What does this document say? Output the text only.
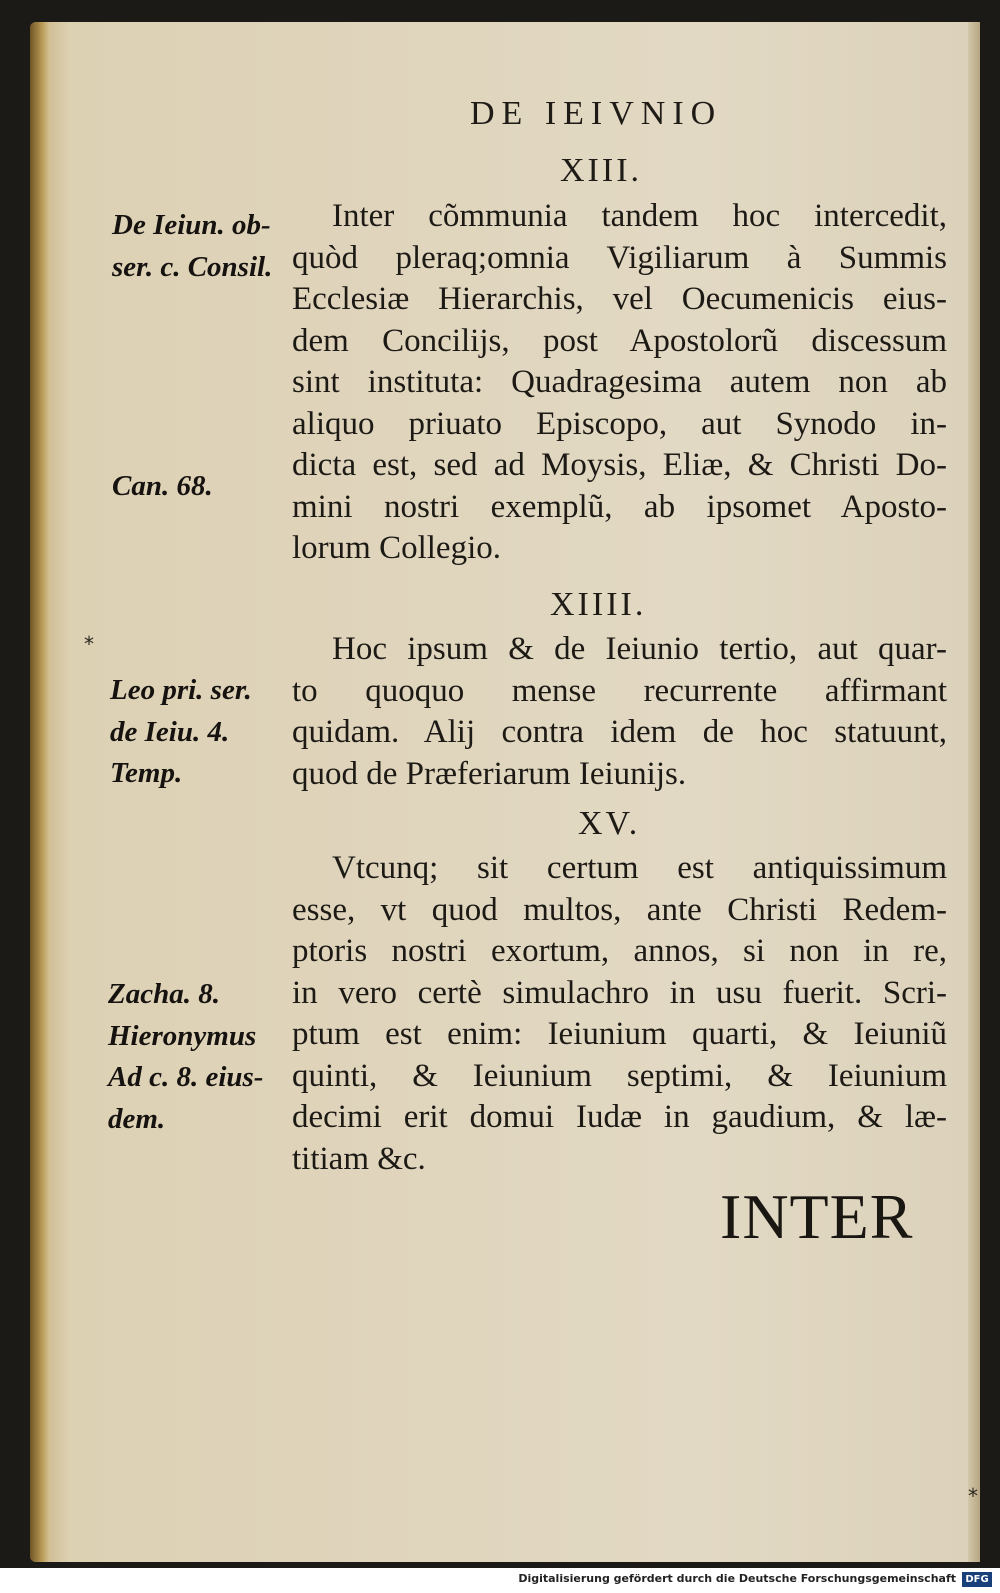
DE IEIVNIO
XIII.
Inter cõmmunia tandem hoc intercedit,
quòd pleraq;omnia Vigiliarum à Summis
Ecclesiæ Hierarchis, vel Oecumenicis eius-
dem Concilijs, post Apostolorũ discessum
sint instituta: Quadragesima autem non ab
aliquo priuato Episcopo, aut Synodo in-
dicta est, sed ad Moysis, Eliæ, & Christi Do-
mini nostri exemplũ, ab ipsomet Aposto-
lorum Collegio.
XIIII.
Hoc ipsum & de Ieiunio tertio, aut quar-
to quoquo mense recurrente affirmant
quidam. Alij contra idem de hoc statuunt,
quod de Præferiarum Ieiunijs.
XV.
Vtcunq; sit certum est antiquissimum
esse, vt quod multos, ante Christi Redem-
ptoris nostri exortum, annos, si non in re,
in vero certè simulachro in usu fuerit. Scri-
ptum est enim: Ieiunium quarti, & Ieiuniũ
quinti, & Ieiunium septimi, & Ieiunium
decimi erit domui Iudæ in gaudium, & læ-
titiam &c.
De Ieiun. ob-
ser. c. Consil.
Can. 68.
Leo pri. ser.
de Ieiu. 4.
Temp.
Zacha. 8.
Hieronymus
Ad c. 8. eius-
dem.
*
*
INTER
Digitalisierung gefördert durch die Deutsche Forschungsgemeinschaft DFG
